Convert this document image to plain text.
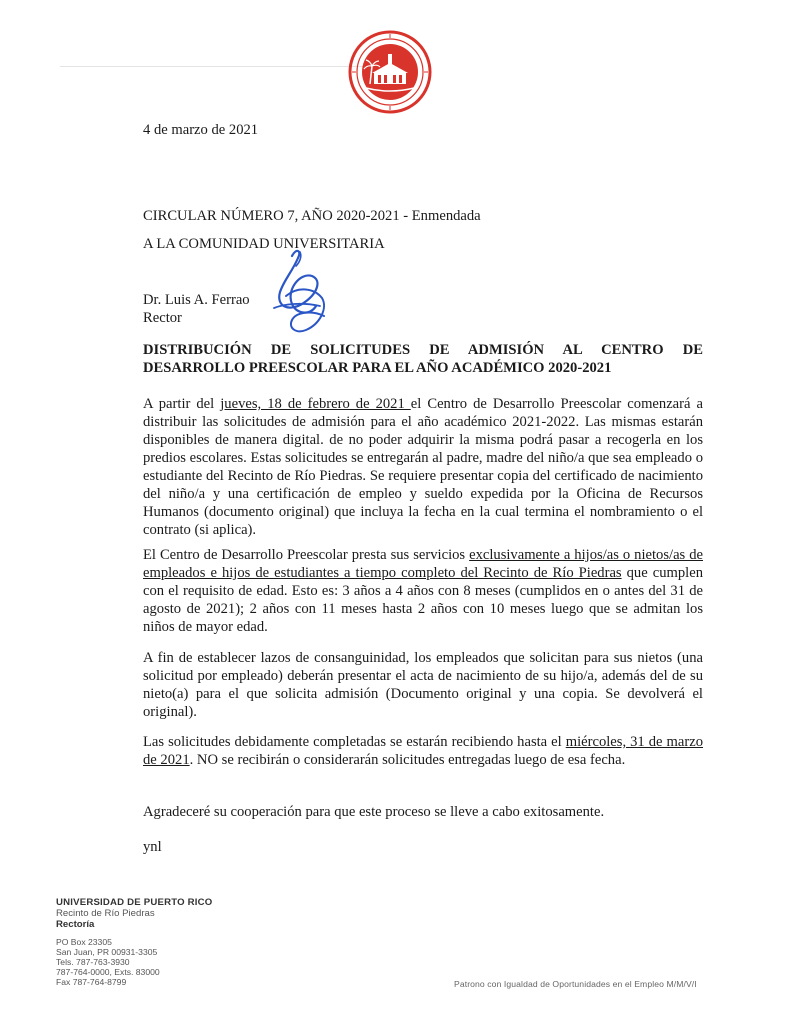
4 de marzo de 2021
CIRCULAR NÚMERO 7, AÑO 2020-2021 - Enmendada
A LA COMUNIDAD UNIVERSITARIA
Dr. Luis A. Ferrao
Rector
DISTRIBUCIÓN DE SOLICITUDES DE ADMISIÓN AL CENTRO DE
DESARROLLO PREESCOLAR PARA EL AÑO ACADÉMICO 2020-2021

A partir del jueves, 18 de febrero de 2021 el Centro de Desarrollo Preescolar comenzará a distribuir las solicitudes de admisión para el año académico 2021-2022. Las mismas estarán disponibles de manera digital. de no poder adquirir la misma podrá pasar a recogerla en los predios escolares. Estas solicitudes se entregarán al padre, madre del niño/a que sea empleado o estudiante del Recinto de Río Piedras. Se requiere presentar copia del certificado de nacimiento del niño/a y una certificación de empleo y sueldo expedida por la Oficina de Recursos Humanos (documento original) que incluya la fecha en la cual termina el nombramiento o el contrato (si aplica).

El Centro de Desarrollo Preescolar presta sus servicios exclusivamente a hijos/as o nietos/as de empleados e hijos de estudiantes a tiempo completo del Recinto de Río Piedras que cumplen con el requisito de edad. Esto es: 3 años a 4 años con 8 meses (cumplidos en o antes del 31 de agosto de 2021); 2 años con 11 meses hasta 2 años con 10 meses luego que se admitan los niños de mayor edad.

A fin de establecer lazos de consanguinidad, los empleados que solicitan para sus nietos (una solicitud por empleado) deberán presentar el acta de nacimiento de su hijo/a, además del de su nieto(a) para el que solicita admisión (Documento original y una copia. Se devolverá el original).

Las solicitudes debidamente completadas se estarán recibiendo hasta el miércoles, 31 de marzo de 2021. NO se recibirán o considerarán solicitudes entregadas luego de esa fecha.

Agradeceré su cooperación para que este proceso se lleve a cabo exitosamente.

ynl
UNIVERSIDAD DE PUERTO RICO
Recinto de Río Piedras
Rectoría
PO Box 23305
San Juan, PR 00931-3305
Tels. 787-763-3930
787-764-0000, Exts. 83000
Fax 787-764-8799	Patrono con Igualdad de Oportunidades en el Empleo M/M/V/I
